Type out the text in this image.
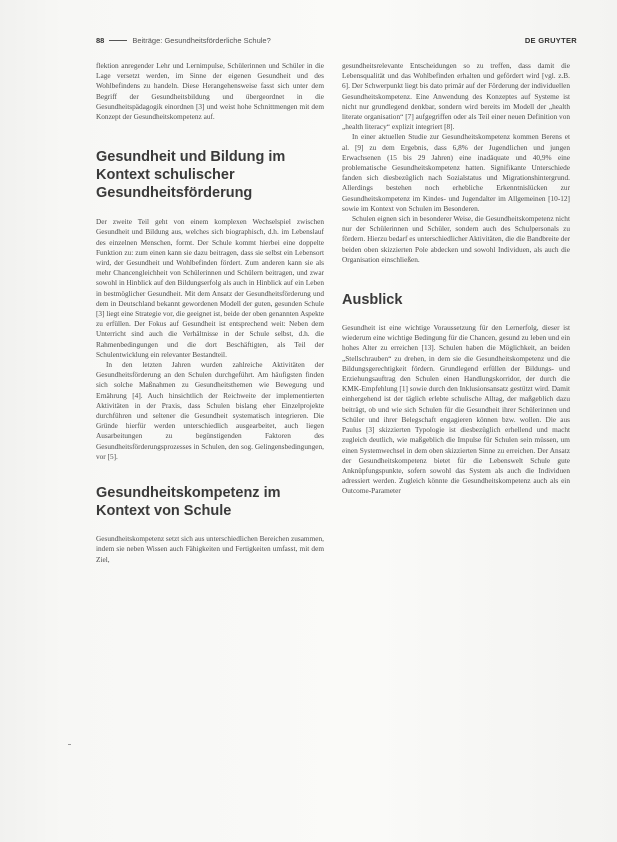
88	Beiträge: Gesundheitsförderliche Schule?	DE GRUYTER

flektion anregender Lehr und Lernimpulse, Schülerinnen und Schüler in die Lage versetzt werden, im Sinne der eigenen Gesundheit und des Wohlbefindens zu handeln. Diese Herangehensweise fasst sich unter dem Begriff der Gesundheitsbildung und übergeordnet in die Gesundheitspädagogik einordnen [3] und weist hohe Schnittmengen mit dem Konzept der Gesundheitskompetenz auf.

Gesundheit und Bildung im Kontext schulischer Gesundheitsförderung

Der zweite Teil geht von einem komplexen Wechselspiel zwischen Gesundheit und Bildung aus, welches sich biographisch, d.h. im Lebenslauf des einzelnen Menschen, formt. Der Schule kommt hierbei eine doppelte Funktion zu: zum einen kann sie dazu beitragen, dass sie selbst ein Lebensort wird, der Gesundheit und Wohlbefinden fördert. Zum anderen kann sie als mehr Chancengleichheit von Schülerinnen und Schülern beitragen, und zwar sowohl in Hinblick auf den Bildungserfolg als auch in Hinblick auf ein Leben in bestmöglicher Gesundheit. Mit dem Ansatz der Gesundheitsförderung und dem in Deutschland bekannt gewordenen Modell der guten, gesunden Schule [3] liegt eine Strategie vor, die geeignet ist, beide der oben genannten Aspekte zu erfüllen. Der Fokus auf Gesundheit ist entsprechend weit: Neben dem Unterricht sind auch die Verhältnisse in der Schule selbst, d.h. die Rahmenbedingungen und die dort Beschäftigten, als Teil der Schulentwicklung ein relevanter Bestandteil.

In den letzten Jahren wurden zahlreiche Aktivitäten der Gesundheitsförderung an den Schulen durchgeführt. Am häufigsten finden sich solche Maßnahmen zu Gesundheitsthemen wie Bewegung und Ernährung [4]. Auch hinsichtlich der Reichweite der implementierten Aktivitäten in der Praxis, dass Schulen bislang eher Einzelprojekte durchführen und seltener die Gesundheit systematisch integrieren. Die Gründe hierfür werden unterschiedlich ausgearbeitet, auch liegen Ausarbeitungen zu begünstigenden Faktoren des Gesundheitsförderungsprozesses in Schulen, den sog. Gelingensbedingungen, vor [5].

Gesundheitskompetenz im Kontext von Schule

Gesundheitskompetenz setzt sich aus unterschiedlichen Bereichen zusammen, indem sie neben Wissen auch Fähigkeiten und Fertigkeiten umfasst, mit dem Ziel,

gesundheitsrelevante Entscheidungen so zu treffen, dass damit die Lebensqualität und das Wohlbefinden erhalten und gefördert wird [vgl. z.B. 6]. Der Schwerpunkt liegt bis dato primär auf der Förderung der individuellen Gesundheitskompetenz. Eine Anwendung des Konzeptes auf Systeme ist nicht nur grundlegend denkbar, sondern wird bereits im Modell der „health literate organisation“ [7] aufgegriffen oder als Teil einer neuen Definition von „health literacy“ explizit integriert [8].

In einer aktuellen Studie zur Gesundheitskompetenz kommen Berens et al. [9] zu dem Ergebnis, dass 6,8% der Jugendlichen und jungen Erwachsenen (15 bis 29 Jahren) eine inadäquate und 40,9% eine problematische Gesundheitskompetenz hatten. Signifikante Unterschiede fanden sich diesbezüglich nach Sozialstatus und Migrationshintergrund. Allerdings bestehen noch erhebliche Erkenntnislücken zur Gesundheitskompetenz im Kindes- und Jugendalter im Allgemeinen [10-12] sowie im Kontext von Schulen im Besonderen.

Schulen eignen sich in besonderer Weise, die Gesundheitskompetenz nicht nur der Schülerinnen und Schüler, sondern auch des Schulpersonals zu fördern. Hierzu bedarf es unterschiedlicher Aktivitäten, die die Bandbreite der beiden oben skizzierten Pole abdecken und sowohl Individuen, als auch die Organisation einschließen.

Ausblick

Gesundheit ist eine wichtige Voraussetzung für den Lernerfolg, dieser ist wiederum eine wichtige Bedingung für die Chancen, gesund zu leben und ein hohes Alter zu erreichen [13]. Schulen haben die Möglichkeit, an beiden „Stellschrauben“ zu drehen, in dem sie die Gesundheitskompetenz und die Bildungsgerechtigkeit fördern. Grundlegend erfüllen der Bildungs- und Erziehungsauftrag den Schulen einen Handlungskorridor, der durch die KMK-Empfehlung [1] sowie durch den Inklusionsansatz gestützt wird. Damit einhergehend ist der täglich erlebte schulische Alltag, der maßgeblich dazu beiträgt, ob und wie sich Schulen für die Gesundheit ihrer Schülerinnen und Schüler und ihrer Belegschaft engagieren können bzw. wollen. Die aus Paulus [3] skizzierten Typologie ist diesbezüglich erhellend und macht zugleich deutlich, wie maßgeblich die Impulse für Schulen sein müssen, um einen Systemwechsel in dem oben skizzierten Sinne zu erreichen. Der Ansatz der Gesundheitskompetenz bietet für die Lebenswelt Schule gute Anknüpfungspunkte, sofern sowohl das System als auch die Individuen adressiert werden. Zugleich könnte die Gesundheitskompetenz auch als ein Outcome-Parameter
